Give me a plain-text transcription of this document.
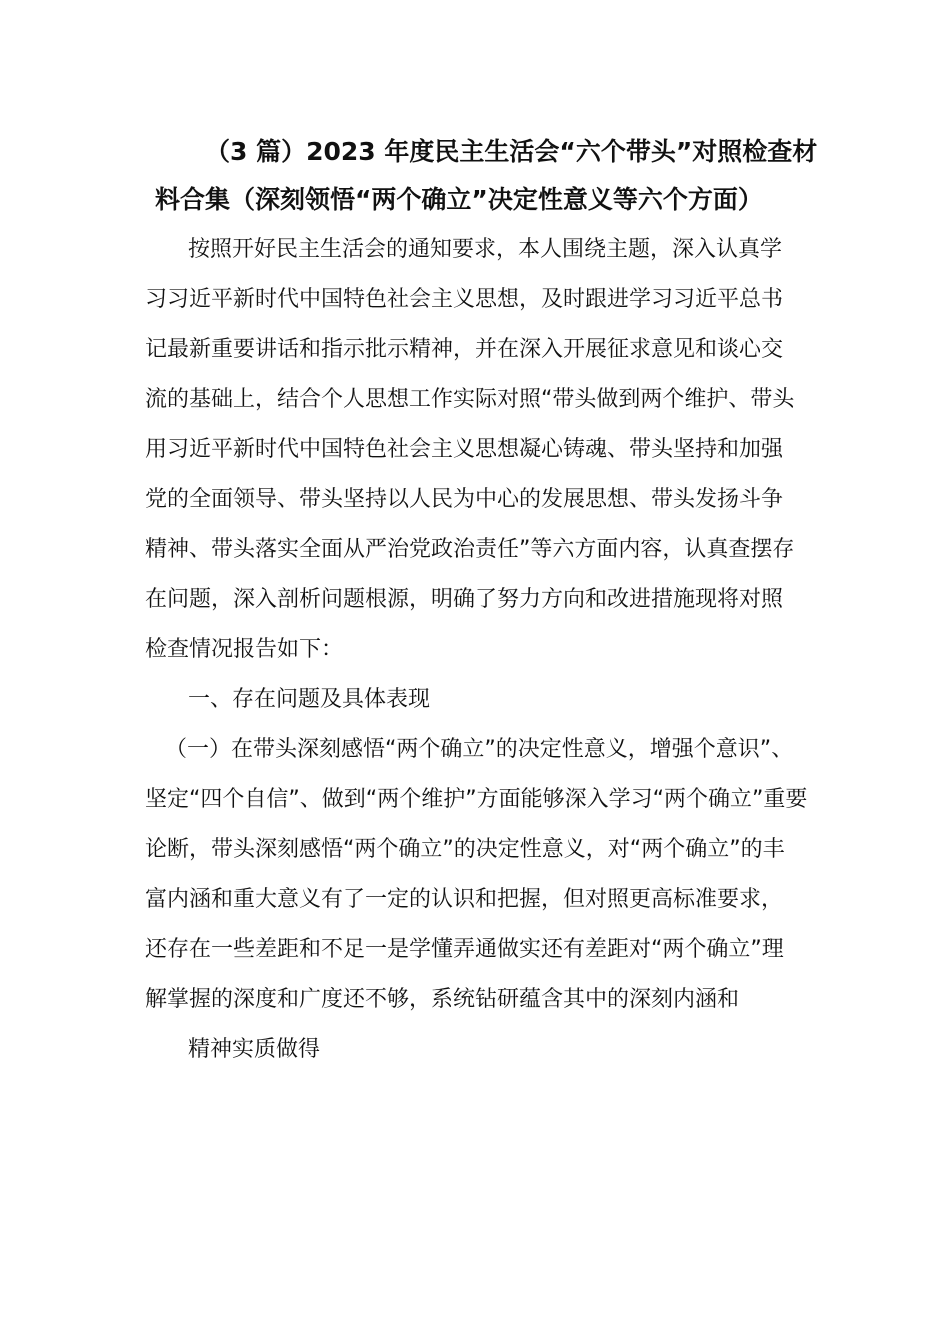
（3 篇）2023 年度民主生活会“六个带头”对照检查材
料合集（深刻领悟“两个确立”决定性意义等六个方面）
按照开好民主生活会的通知要求，本人围绕主题，深入认真学
习习近平新时代中国特色社会主义思想，及时跟进学习习近平总书
记最新重要讲话和指示批示精神，并在深入开展征求意见和谈心交
流的基础上，结合个人思想工作实际对照“带头做到两个维护、带头
用习近平新时代中国特色社会主义思想凝心铸魂、带头坚持和加强
党的全面领导、带头坚持以人民为中心的发展思想、带头发扬斗争
精神、带头落实全面从严治党政治责任”等六方面内容，认真查摆存
在问题，深入剖析问题根源，明确了努力方向和改进措施现将对照
检查情况报告如下：
一、存在问题及具体表现
（一）在带头深刻感悟“两个确立”的决定性意义，增强个意识”、
坚定“四个自信”、做到“两个维护”方面能够深入学习“两个确立”重要
论断，带头深刻感悟“两个确立”的决定性意义，对“两个确立”的丰
富内涵和重大意义有了一定的认识和把握，但对照更高标准要求，
还存在一些差距和不足一是学懂弄通做实还有差距对“两个确立”理
解掌握的深度和广度还不够，系统钻研蕴含其中的深刻内涵和
精神实质做得
